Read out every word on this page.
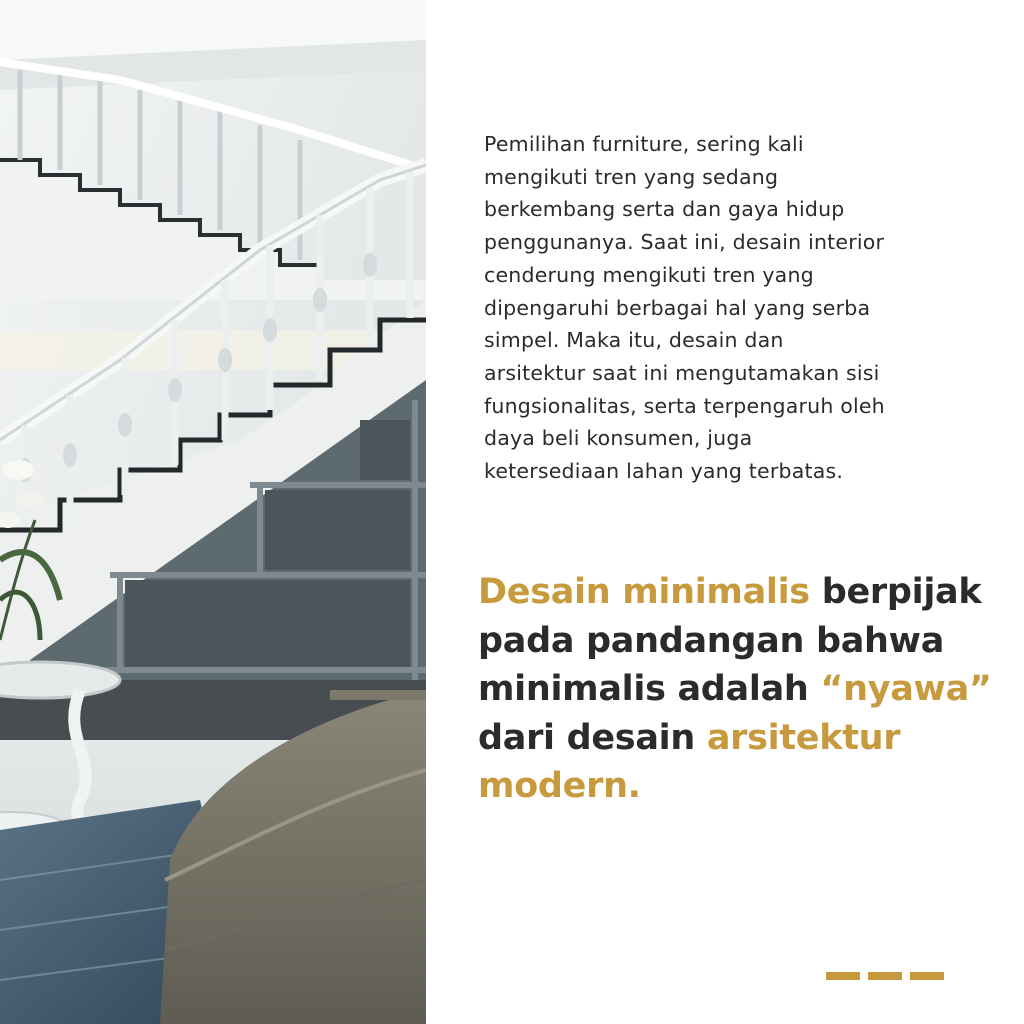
Pemilihan furniture, sering kali
mengikuti tren yang sedang
berkembang serta dan gaya hidup
penggunanya. Saat ini, desain interior
cenderung mengikuti tren yang
dipengaruhi berbagai hal yang serba
simpel. Maka itu, desain dan
arsitektur saat ini mengutamakan sisi
fungsionalitas, serta terpengaruh oleh
daya beli konsumen, juga
ketersediaan lahan yang terbatas.

Desain minimalis berpijak
pada pandangan bahwa
minimalis adalah “nyawa”
dari desain arsitektur
modern.
